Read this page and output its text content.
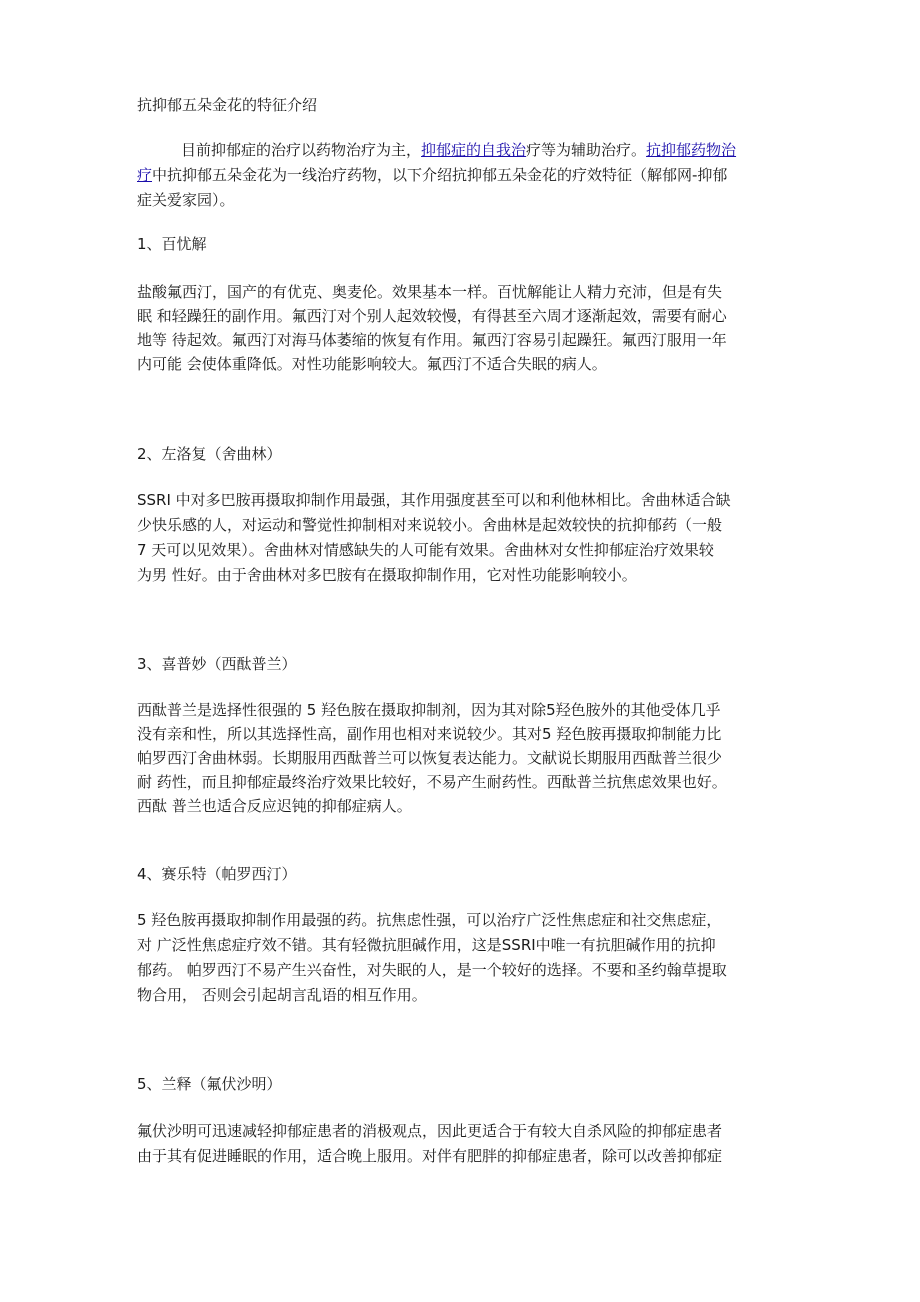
抗抑郁五朵金花的特征介绍
目前抑郁症的治疗以药物治疗为主，抑郁症的自我治疗等为辅助治疗。抗抑郁药物治
疗中抗抑郁五朵金花为一线治疗药物，以下介绍抗抑郁五朵金花的疗效特征（解郁网-抑郁
症关爱家园）。
1、百忧解
盐酸氟西汀，国产的有优克、奥麦伦。效果基本一样。百忧解能让人精力充沛，但是有失
眠 和轻躁狂的副作用。氟西汀对个别人起效较慢，有得甚至六周才逐渐起效，需要有耐心
地等 待起效。氟西汀对海马体萎缩的恢复有作用。氟西汀容易引起躁狂。氟西汀服用一年
内可能 会使体重降低。对性功能影响较大。氟西汀不适合失眠的病人。
2、左洛复（舍曲林）
SSRI 中对多巴胺再摄取抑制作用最强，其作用强度甚至可以和利他林相比。舍曲林适合缺
少快乐感的人，对运动和警觉性抑制相对来说较小。舍曲林是起效较快的抗抑郁药（一般
7 天可以见效果）。舍曲林对情感缺失的人可能有效果。舍曲林对女性抑郁症治疗效果较
为男 性好。由于舍曲林对多巴胺有在摄取抑制作用，它对性功能影响较小。
3、喜普妙（西酞普兰）
西酞普兰是选择性很强的 5 羟色胺在摄取抑制剂，因为其对除5羟色胺外的其他受体几乎
没有亲和性，所以其选择性高，副作用也相对来说较少。其对5 羟色胺再摄取抑制能力比
帕罗西汀舍曲林弱。长期服用西酞普兰可以恢复表达能力。文献说长期服用西酞普兰很少
耐 药性，而且抑郁症最终治疗效果比较好，不易产生耐药性。西酞普兰抗焦虑效果也好。
西酞 普兰也适合反应迟钝的抑郁症病人。
4、赛乐特（帕罗西汀）
5 羟色胺再摄取抑制作用最强的药。抗焦虑性强，可以治疗广泛性焦虑症和社交焦虑症，
对 广泛性焦虑症疗效不错。其有轻微抗胆碱作用，这是SSRI中唯一有抗胆碱作用的抗抑
郁药。 帕罗西汀不易产生兴奋性，对失眠的人，是一个较好的选择。不要和圣约翰草提取
物合用， 否则会引起胡言乱语的相互作用。
5、兰释（氟伏沙明）
氟伏沙明可迅速减轻抑郁症患者的消极观点，因此更适合于有较大自杀风险的抑郁症患者
由于其有促进睡眠的作用，适合晚上服用。对伴有肥胖的抑郁症患者，除可以改善抑郁症
